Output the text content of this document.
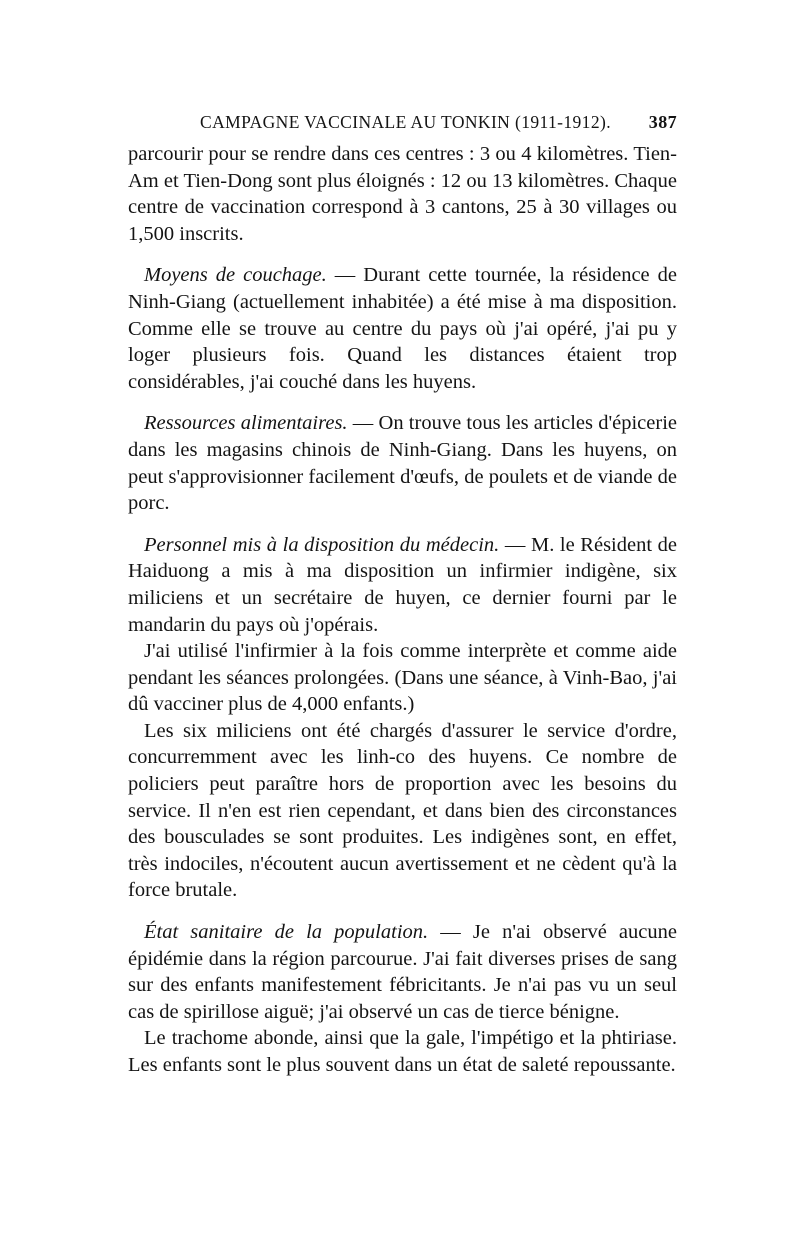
CAMPAGNE VACCINALE AU TONKIN (1911-1912). 387

parcourir pour se rendre dans ces centres : 3 ou 4 kilomètres. Tien-Am et Tien-Dong sont plus éloignés : 12 ou 13 kilomètres. Chaque centre de vaccination correspond à 3 cantons, 25 à 30 villages ou 1,500 inscrits.

Moyens de couchage. — Durant cette tournée, la résidence de Ninh-Giang (actuellement inhabitée) a été mise à ma disposition. Comme elle se trouve au centre du pays où j'ai opéré, j'ai pu y loger plusieurs fois. Quand les distances étaient trop considérables, j'ai couché dans les huyens.

Ressources alimentaires. — On trouve tous les articles d'épicerie dans les magasins chinois de Ninh-Giang. Dans les huyens, on peut s'approvisionner facilement d'œufs, de poulets et de viande de porc.

Personnel mis à la disposition du médecin. — M. le Résident de Haiduong a mis à ma disposition un infirmier indigène, six miliciens et un secrétaire de huyen, ce dernier fourni par le mandarin du pays où j'opérais.

J'ai utilisé l'infirmier à la fois comme interprète et comme aide pendant les séances prolongées. (Dans une séance, à Vinh-Bao, j'ai dû vacciner plus de 4,000 enfants.)

Les six miliciens ont été chargés d'assurer le service d'ordre, concurremment avec les linh-co des huyens. Ce nombre de policiers peut paraître hors de proportion avec les besoins du service. Il n'en est rien cependant, et dans bien des circonstances des bousculades se sont produites. Les indigènes sont, en effet, très indociles, n'écoutent aucun avertissement et ne cèdent qu'à la force brutale.

État sanitaire de la population. — Je n'ai observé aucune épidémie dans la région parcourue. J'ai fait diverses prises de sang sur des enfants manifestement fébricitants. Je n'ai pas vu un seul cas de spirillose aiguë; j'ai observé un cas de tierce bénigne.

Le trachome abonde, ainsi que la gale, l'impétigo et la phtiriase. Les enfants sont le plus souvent dans un état de saleté repoussante.
